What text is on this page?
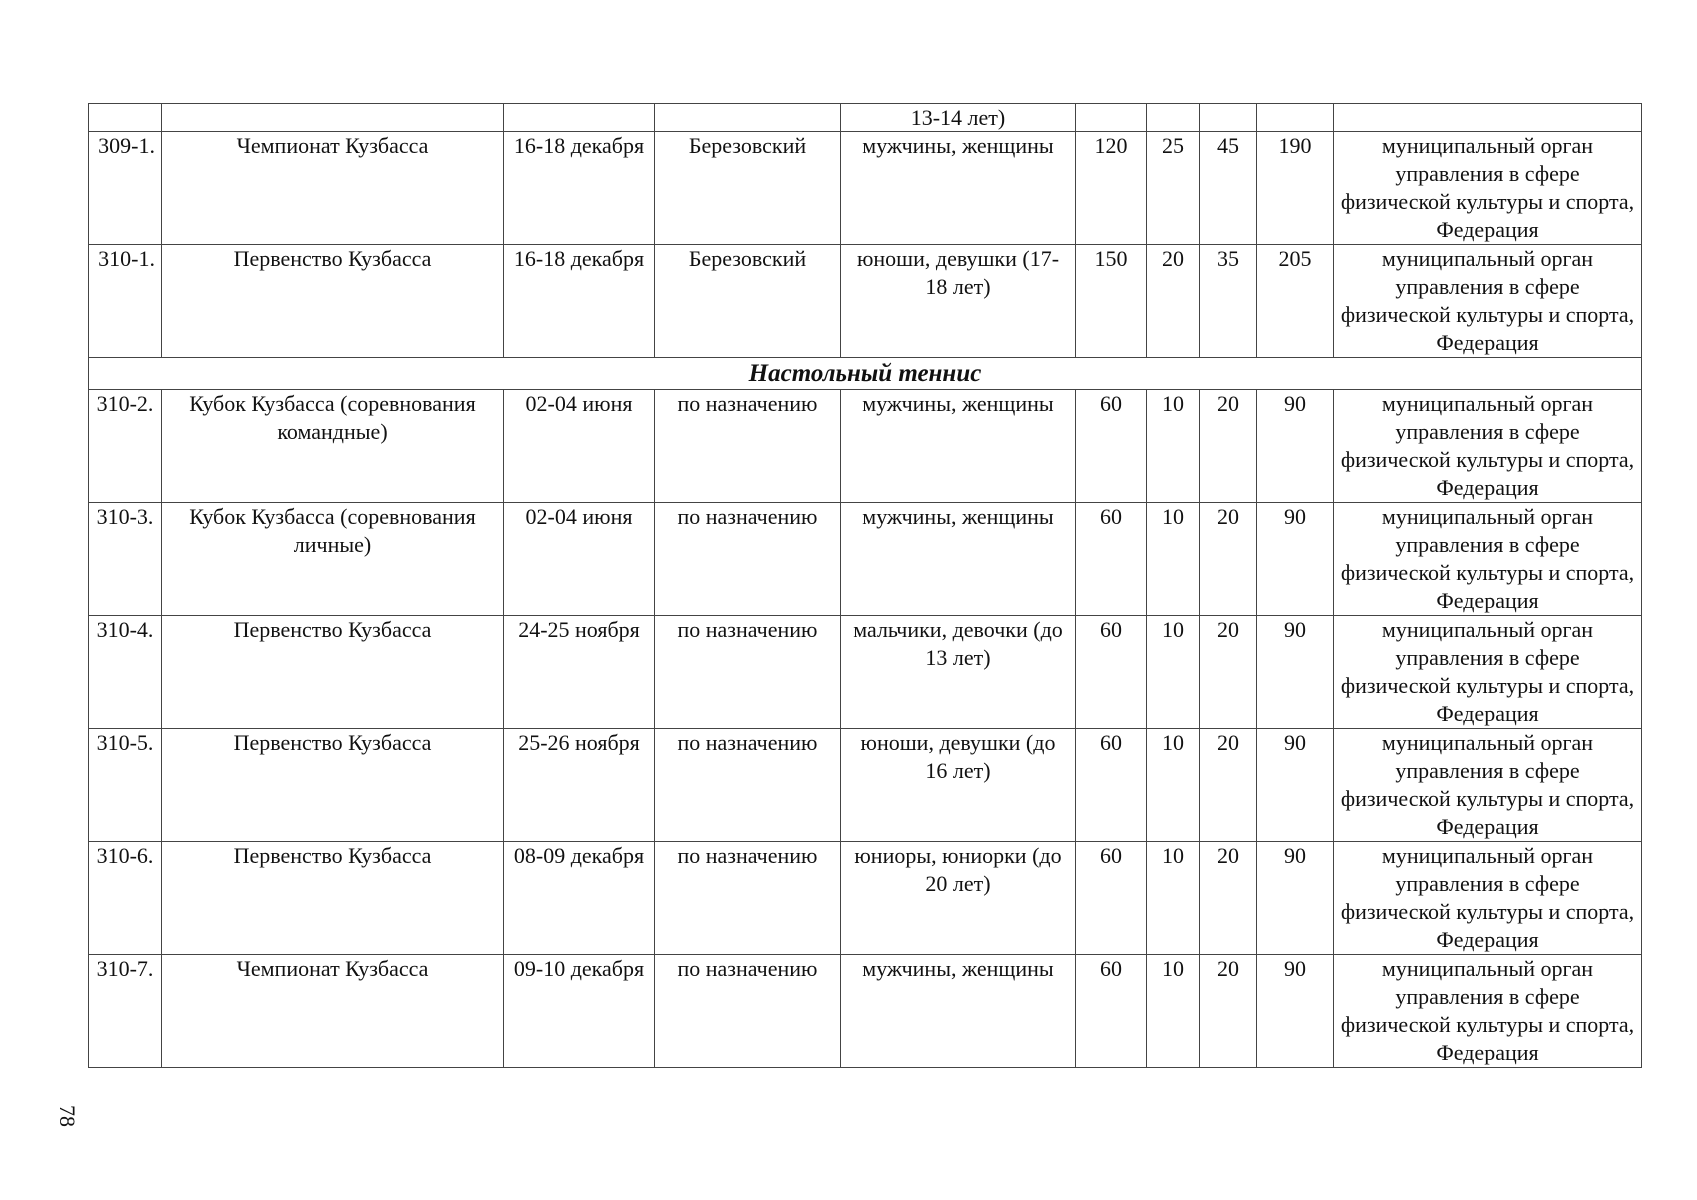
				13-14 лет)					
309-1.	Чемпионат Кузбасса	16-18 декабря	Березовский	мужчины, женщины	120	25	45	190	муниципальный орган управления в сфере физической культуры и спорта, Федерация
310-1.	Первенство Кузбасса	16-18 декабря	Березовский	юноши, девушки (17-18 лет)	150	20	35	205	муниципальный орган управления в сфере физической культуры и спорта, Федерация
Настольный теннис									
310-2.	Кубок Кузбасса (соревнования командные)	02-04 июня	по назначению	мужчины, женщины	60	10	20	90	муниципальный орган управления в сфере физической культуры и спорта, Федерация
310-3.	Кубок Кузбасса (соревнования личные)	02-04 июня	по назначению	мужчины, женщины	60	10	20	90	муниципальный орган управления в сфере физической культуры и спорта, Федерация
310-4.	Первенство Кузбасса	24-25 ноября	по назначению	мальчики, девочки (до 13 лет)	60	10	20	90	муниципальный орган управления в сфере физической культуры и спорта, Федерация
310-5.	Первенство Кузбасса	25-26 ноября	по назначению	юноши, девушки (до 16 лет)	60	10	20	90	муниципальный орган управления в сфере физической культуры и спорта, Федерация
310-6.	Первенство Кузбасса	08-09 декабря	по назначению	юниоры, юниорки (до 20 лет)	60	10	20	90	муниципальный орган управления в сфере физической культуры и спорта, Федерация
310-7.	Чемпионат Кузбасса	09-10 декабря	по назначению	мужчины, женщины	60	10	20	90	муниципальный орган управления в сфере физической культуры и спорта, Федерация
78
